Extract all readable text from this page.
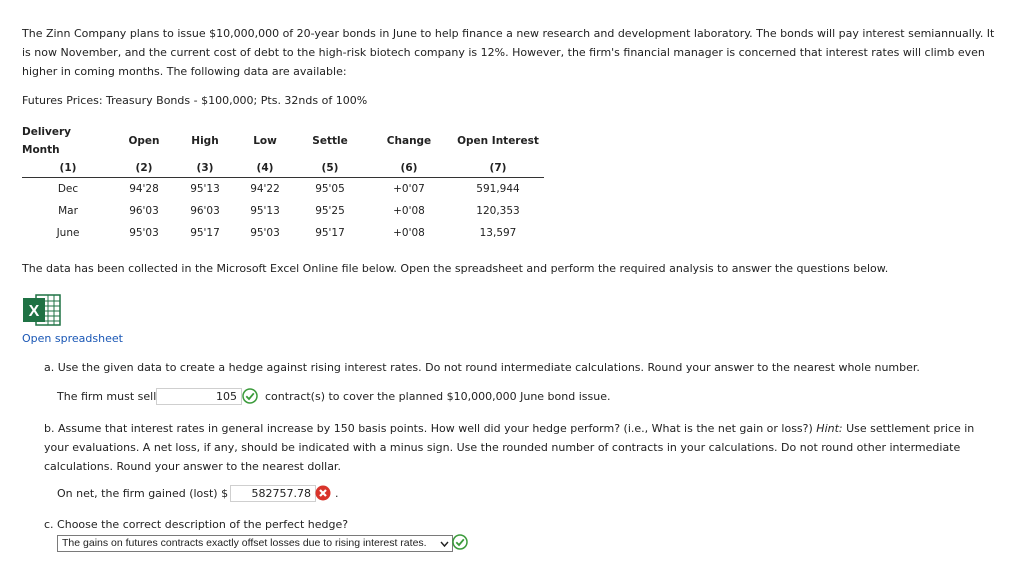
The Zinn Company plans to issue $10,000,000 of 20-year bonds in June to help finance a new research and development laboratory. The bonds will pay interest semiannually. It is now November, and the current cost of debt to the high-risk biotech company is 12%. However, the firm's financial manager is concerned that interest rates will climb even higher in coming months. The following data are available:
Futures Prices: Treasury Bonds - $100,000; Pts. 32nds of 100%
Delivery
Month	Open	High	Low	Settle	Change	Open Interest
(1)	(2)	(3)	(4)	(5)	(6)	(7)
Dec	94'28	95'13	94'22	95'05	+0'07	591,944
Mar	96'03	96'03	95'13	95'25	+0'08	120,353
June	95'03	95'17	95'03	95'17	+0'08	13,597
The data has been collected in the Microsoft Excel Online file below. Open the spreadsheet and perform the required analysis to answer the questions below.
X
Open spreadsheet
a. Use the given data to create a hedge against rising interest rates. Do not round intermediate calculations. Round your answer to the nearest whole number.
The firm must sell	105	contract(s) to cover the planned $10,000,000 June bond issue.
b. Assume that interest rates in general increase by 150 basis points. How well did your hedge perform? (i.e., What is the net gain or loss?) Hint: Use settlement price in your evaluations. A net loss, if any, should be indicated with a minus sign. Use the rounded number of contracts in your calculations. Do not round other intermediate calculations. Round your answer to the nearest dollar.
On net, the firm gained (lost) $	582757.78	.
c. Choose the correct description of the perfect hedge?
The gains on futures contracts exactly offset losses due to rising interest rates.
